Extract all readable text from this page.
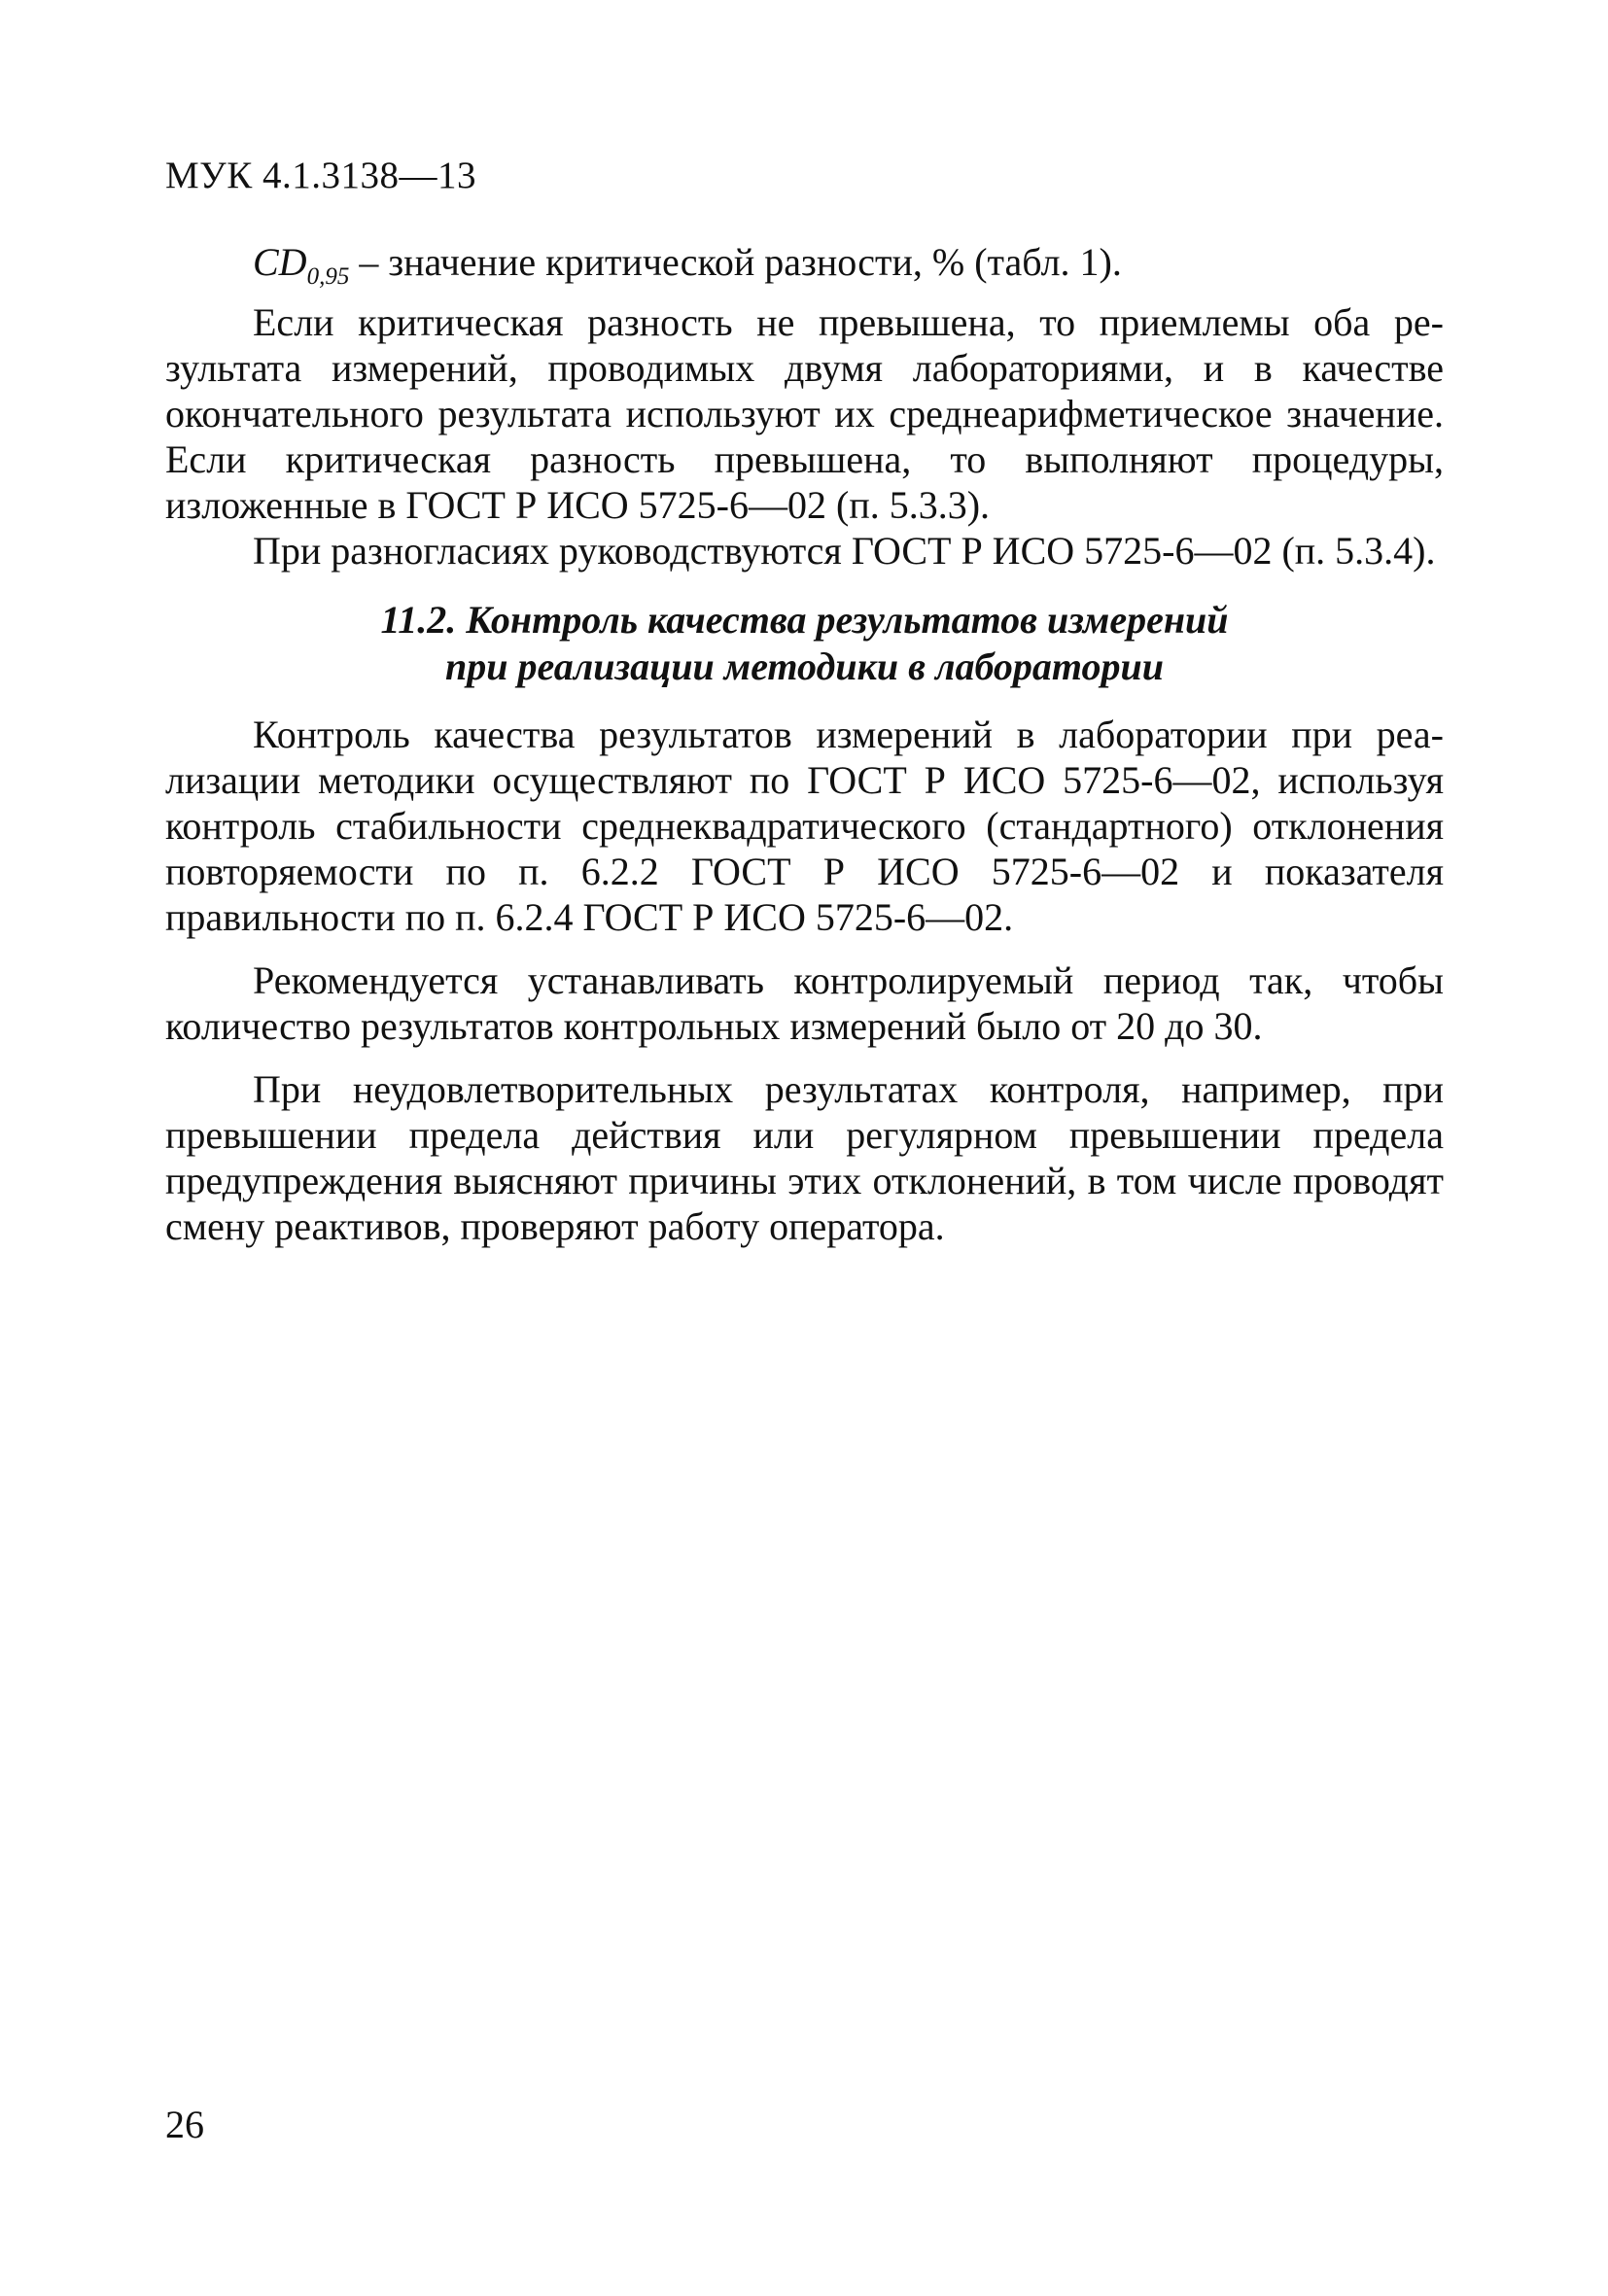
МУК 4.1.3138—13

$CD_{0,95}$ – значение критической разности, % (табл. 1).

Если критическая разность не превышена, то приемлемы оба результата измерений, проводимых двумя лабораториями, и в качестве окончательного результата используют их среднеарифметическое значение. Если критическая разность превышена, то выполняют процедуры, изложенные в ГОСТ Р ИСО 5725-6—02 (п. 5.3.3).

При разногласиях руководствуются ГОСТ Р ИСО 5725-6—02 (п. 5.3.4).

11.2. Контроль качества результатов измерений
при реализации методики в лаборатории

Контроль качества результатов измерений в лаборатории при реализации методики осуществляют по ГОСТ Р ИСО 5725-6—02, используя контроль стабильности среднеквадратического (стандартного) отклонения повторяемости по п. 6.2.2 ГОСТ Р ИСО 5725-6—02 и показателя правильности по п. 6.2.4 ГОСТ Р ИСО 5725-6—02.

Рекомендуется устанавливать контролируемый период так, чтобы количество результатов контрольных измерений было от 20 до 30.

При неудовлетворительных результатах контроля, например, при превышении предела действия или регулярном превышении предела предупреждения выясняют причины этих отклонений, в том числе проводят смену реактивов, проверяют работу оператора.

26
